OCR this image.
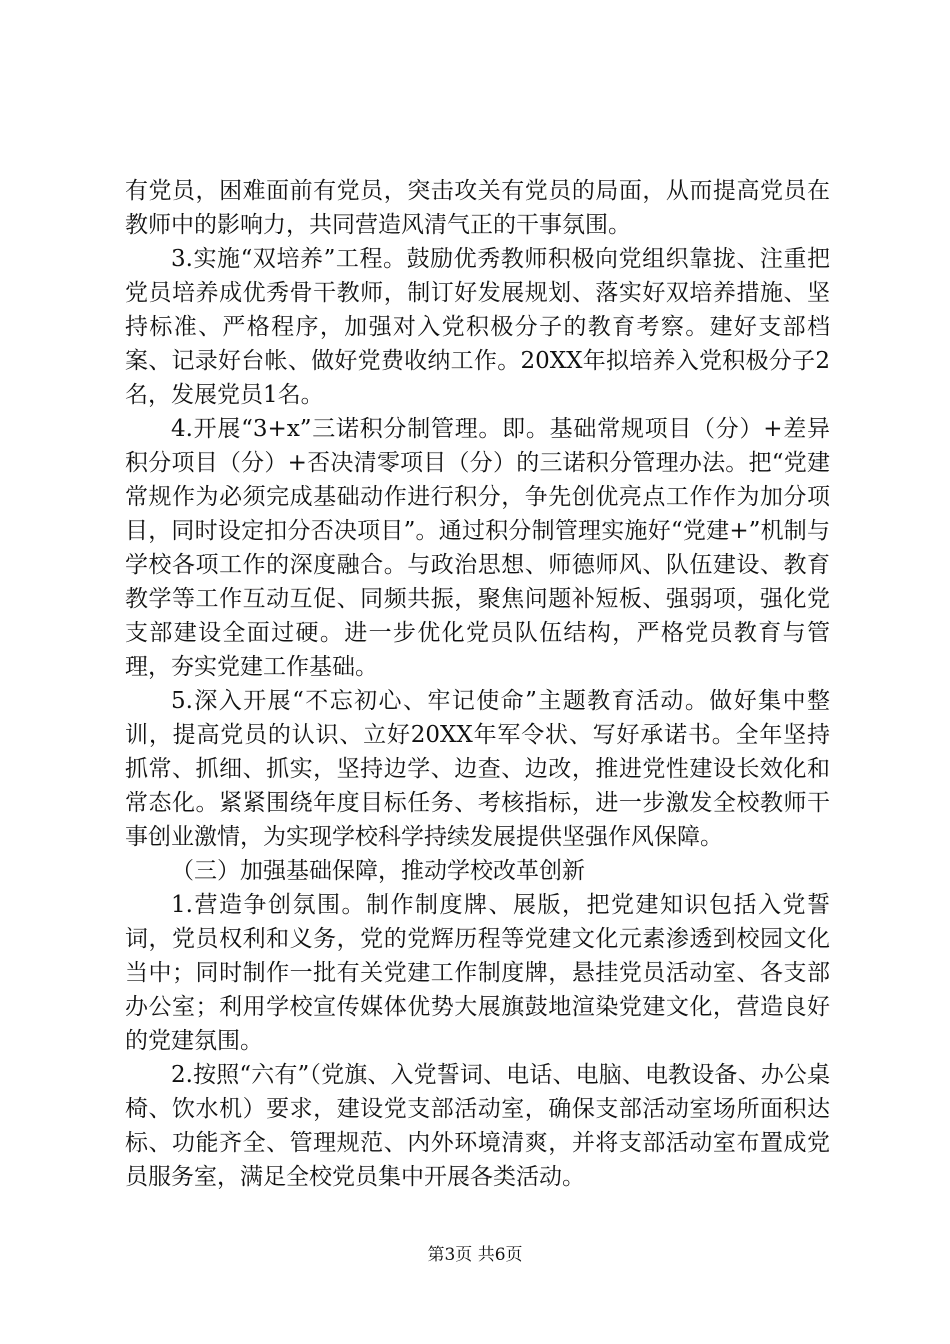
有党员，困难面前有党员，突击攻关有党员的局面，从而提高党员在教师中的影响力，共同营造风清气正的干事氛围。

3.实施“双培养”工程。鼓励优秀教师积极向党组织靠拢、注重把党员培养成优秀骨干教师，制订好发展规划、落实好双培养措施、坚持标准、严格程序，加强对入党积极分子的教育考察。建好支部档案、记录好台帐、做好党费收纳工作。20XX年拟培养入党积极分子2名，发展党员1名。

4.开展“3+x”三诺积分制管理。即。基础常规项目（分）+差异积分项目（分）+否决清零项目（分）的三诺积分管理办法。把“党建常规作为必须完成基础动作进行积分，争先创优亮点工作作为加分项目，同时设定扣分否决项目”。通过积分制管理实施好“党建+”机制与学校各项工作的深度融合。与政治思想、师德师风、队伍建设、教育教学等工作互动互促、同频共振，聚焦问题补短板、强弱项，强化党支部建设全面过硬。进一步优化党员队伍结构，严格党员教育与管理，夯实党建工作基础。

5.深入开展“不忘初心、牢记使命”主题教育活动。做好集中整训，提高党员的认识、立好20XX年军令状、写好承诺书。全年坚持抓常、抓细、抓实，坚持边学、边查、边改，推进党性建设长效化和常态化。紧紧围绕年度目标任务、考核指标，进一步激发全校教师干事创业激情，为实现学校科学持续发展提供坚强作风保障。

（三）加强基础保障，推动学校改革创新

1.营造争创氛围。制作制度牌、展版，把党建知识包括入党誓词，党员权利和义务，党的党辉历程等党建文化元素渗透到校园文化当中；同时制作一批有关党建工作制度牌，悬挂党员活动室、各支部办公室；利用学校宣传媒体优势大展旗鼓地渲染党建文化，营造良好的党建氛围。

2.按照“六有”（党旗、入党誓词、电话、电脑、电教设备、办公桌椅、饮水机）要求，建设党支部活动室，确保支部活动室场所面积达标、功能齐全、管理规范、内外环境清爽，并将支部活动室布置成党员服务室，满足全校党员集中开展各类活动。

第3页 共6页
